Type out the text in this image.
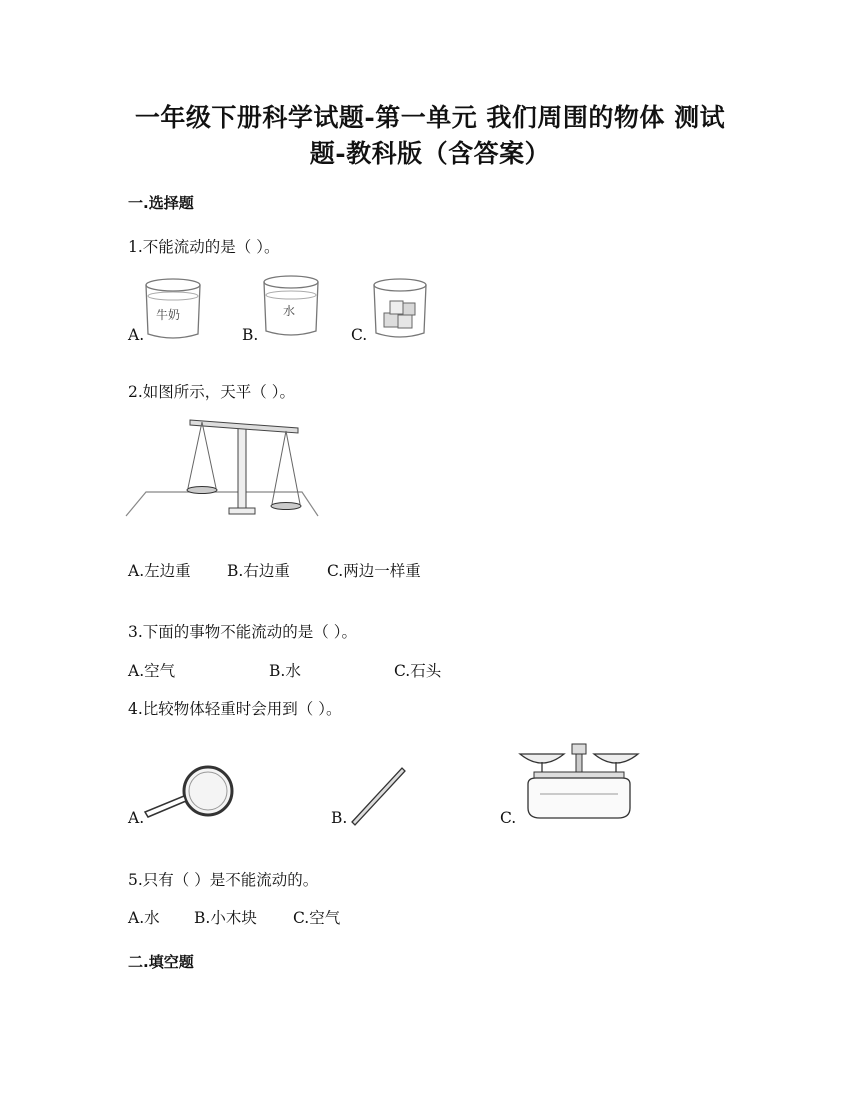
一年级下册科学试题-第一单元 我们周围的物体 测试
题-教科版（含答案）
一.选择题
1.不能流动的是（ ）。
A.
牛奶
B.
水
C.
2.如图所示，天平（ ）。
A.左边重 B.右边重 C.两边一样重
3.下面的事物不能流动的是（ ）。
A.空气	B.水	C.石头
4.比较物体轻重时会用到（ ）。
A.	B.	C.
5.只有（ ）是不能流动的。
A.水 B.小木块 C.空气
二.填空题
